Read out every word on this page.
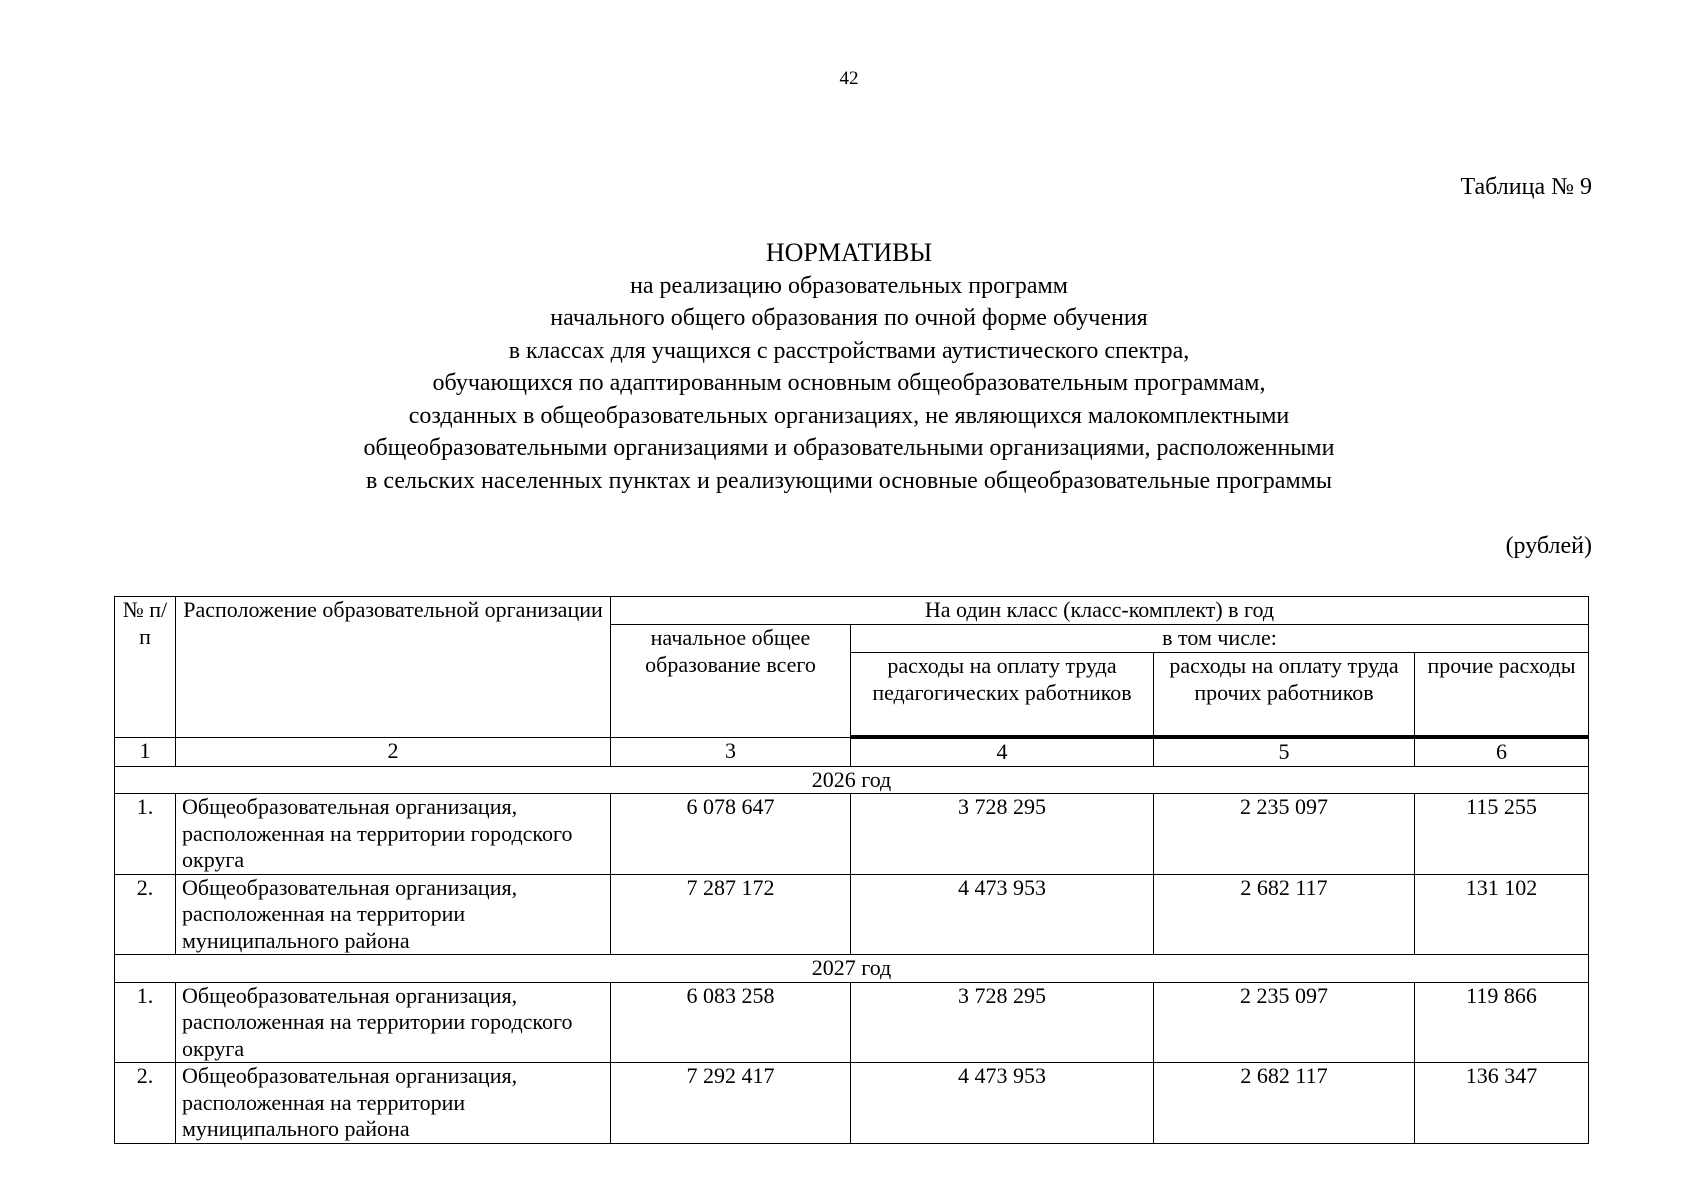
42
Таблица № 9
НОРМАТИВЫ
на реализацию образовательных программ
начального общего образования по очной форме обучения
в классах для учащихся с расстройствами аутистического спектра,
обучающихся по адаптированным основным общеобразовательным программам,
созданных в общеобразовательных организациях, не являющихся малокомплектными
общеобразовательными организациями и образовательными организациями, расположенными
в сельских населенных пунктах и реализующими основные общеобразовательные программы
(рублей)
№ п/п	Расположение образовательной организации	На один класс (класс-комплект) в год			
		начальное общее образование всего	в том числе:		
			расходы на оплату труда педагогических работников	расходы на оплату труда прочих работников	прочие расходы
1	2	3	4	5	6
2026 год					
1.	Общеобразовательная организация, расположенная на территории городского округа	6 078 647	3 728 295	2 235 097	115 255
2.	Общеобразовательная организация, расположенная на территории муниципального района	7 287 172	4 473 953	2 682 117	131 102
2027 год					
1.	Общеобразовательная организация, расположенная на территории городского округа	6 083 258	3 728 295	2 235 097	119 866
2.	Общеобразовательная организация, расположенная на территории муниципального района	7 292 417	4 473 953	2 682 117	136 347
